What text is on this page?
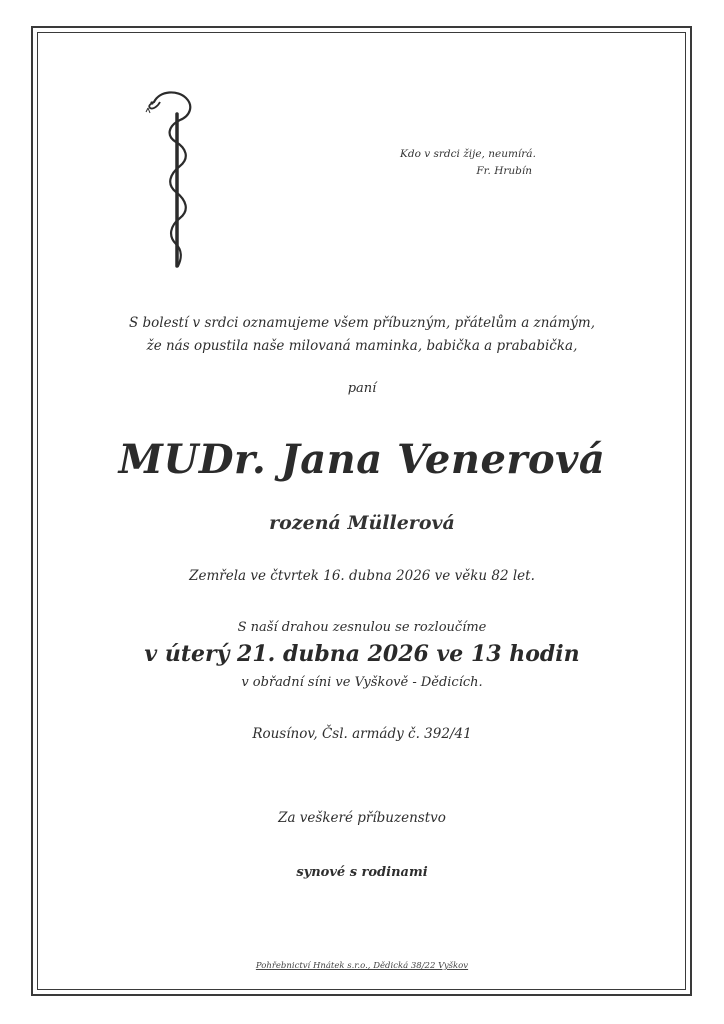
Kdo v srdci žije, neumírá.
Fr. Hrubín
S bolestí v srdci oznamujeme všem příbuzným, přátelům a známým,
že nás opustila naše milovaná maminka, babička a prababička,
paní
MUDr. Jana Venerová
rozená Müllerová
Zemřela ve čtvrtek 16. dubna 2026 ve věku 82 let.
S naší drahou zesnulou se rozloučíme
v úterý 21. dubna 2026 ve 13 hodin
v obřadní síni ve Vyškově - Dědicích.
Rousínov, Čsl. armády č. 392/41
Za veškeré příbuzenstvo
synové s rodinami
Pohřebnictví Hnátek s.r.o., Dědická 38/22 Vyškov
